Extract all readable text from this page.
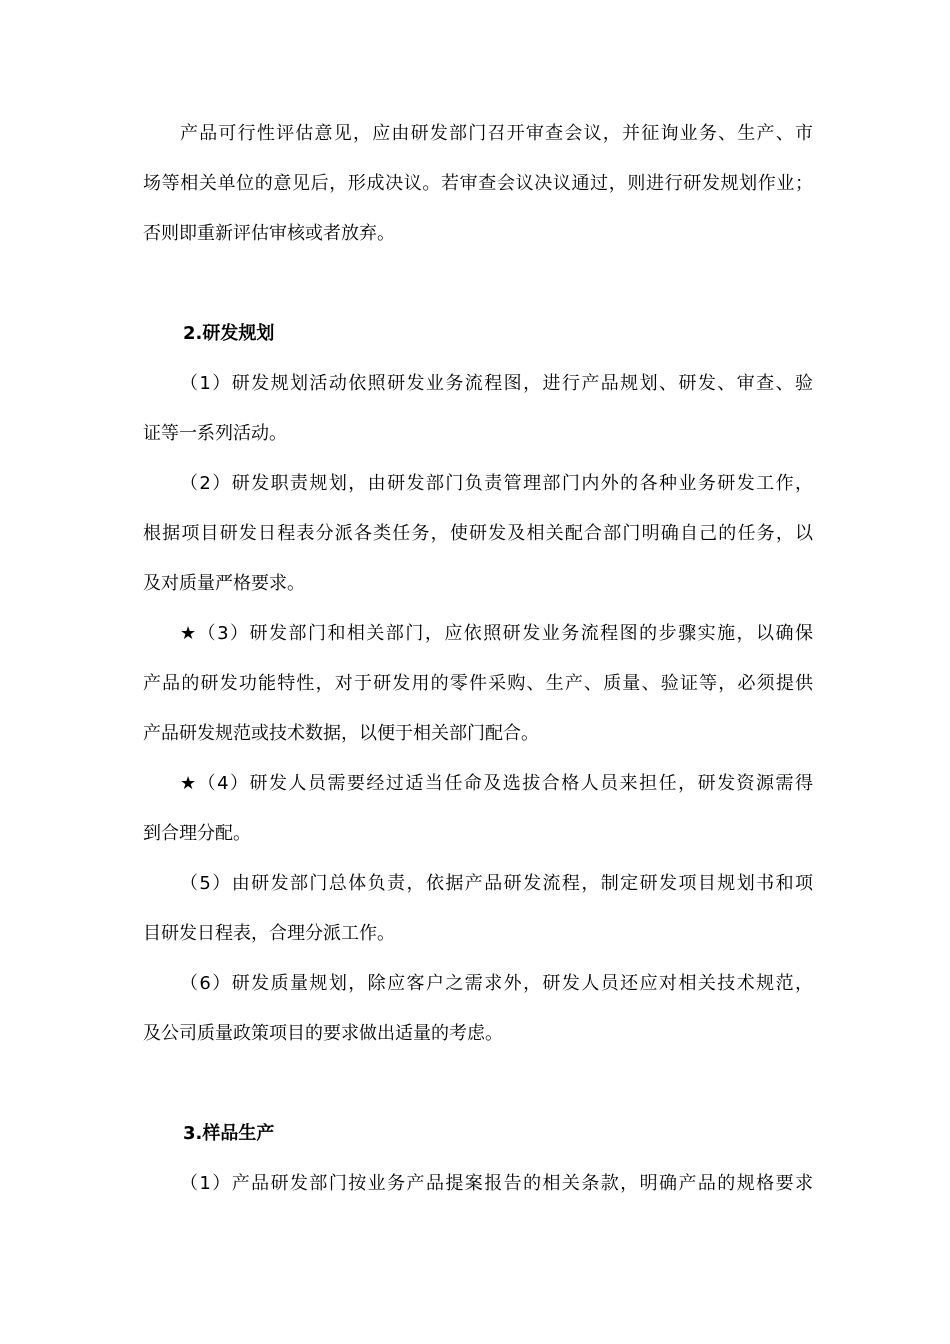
产品可行性评估意见，应由研发部门召开审查会议，并征询业务、生产、市
场等相关单位的意见后，形成决议。若审查会议决议通过，则进行研发规划作业；
否则即重新评估审核或者放弃。
2.研发规划
（1）研发规划活动依照研发业务流程图，进行产品规划、研发、审查、验
证等一系列活动。
（2）研发职责规划，由研发部门负责管理部门内外的各种业务研发工作，
根据项目研发日程表分派各类任务，使研发及相关配合部门明确自己的任务，以
及对质量严格要求。
★（3）研发部门和相关部门，应依照研发业务流程图的步骤实施，以确保
产品的研发功能特性，对于研发用的零件采购、生产、质量、验证等，必须提供
产品研发规范或技术数据，以便于相关部门配合。
★（4）研发人员需要经过适当任命及选拔合格人员来担任，研发资源需得
到合理分配。
（5）由研发部门总体负责，依据产品研发流程，制定研发项目规划书和项
目研发日程表，合理分派工作。
（6）研发质量规划，除应客户之需求外，研发人员还应对相关技术规范，
及公司质量政策项目的要求做出适量的考虑。
3.样品生产
（1）产品研发部门按业务产品提案报告的相关条款，明确产品的规格要求
